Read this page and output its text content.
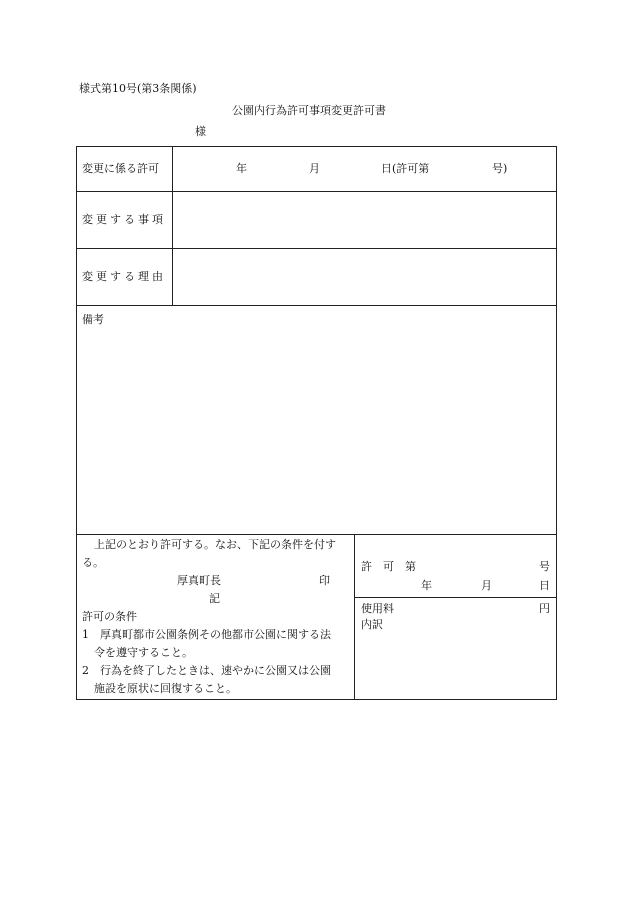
様式第10号(第3条関係)
公園内行為許可事項変更許可書
様
変更に係る許可	年	月	日(許可第	号)
変更する事項
変更する理由
備考
上記のとおり許可する。なお、下記の条件を付す
る。
厚真町長	印
記
許可の条件
1　厚真町都市公園条例その他都市公園に関する法
令を遵守すること。
2　行為を終了したときは、速やかに公園又は公園
施設を原状に回復すること。
許　可　第	号
年	月	日
使用料	円
内訳
